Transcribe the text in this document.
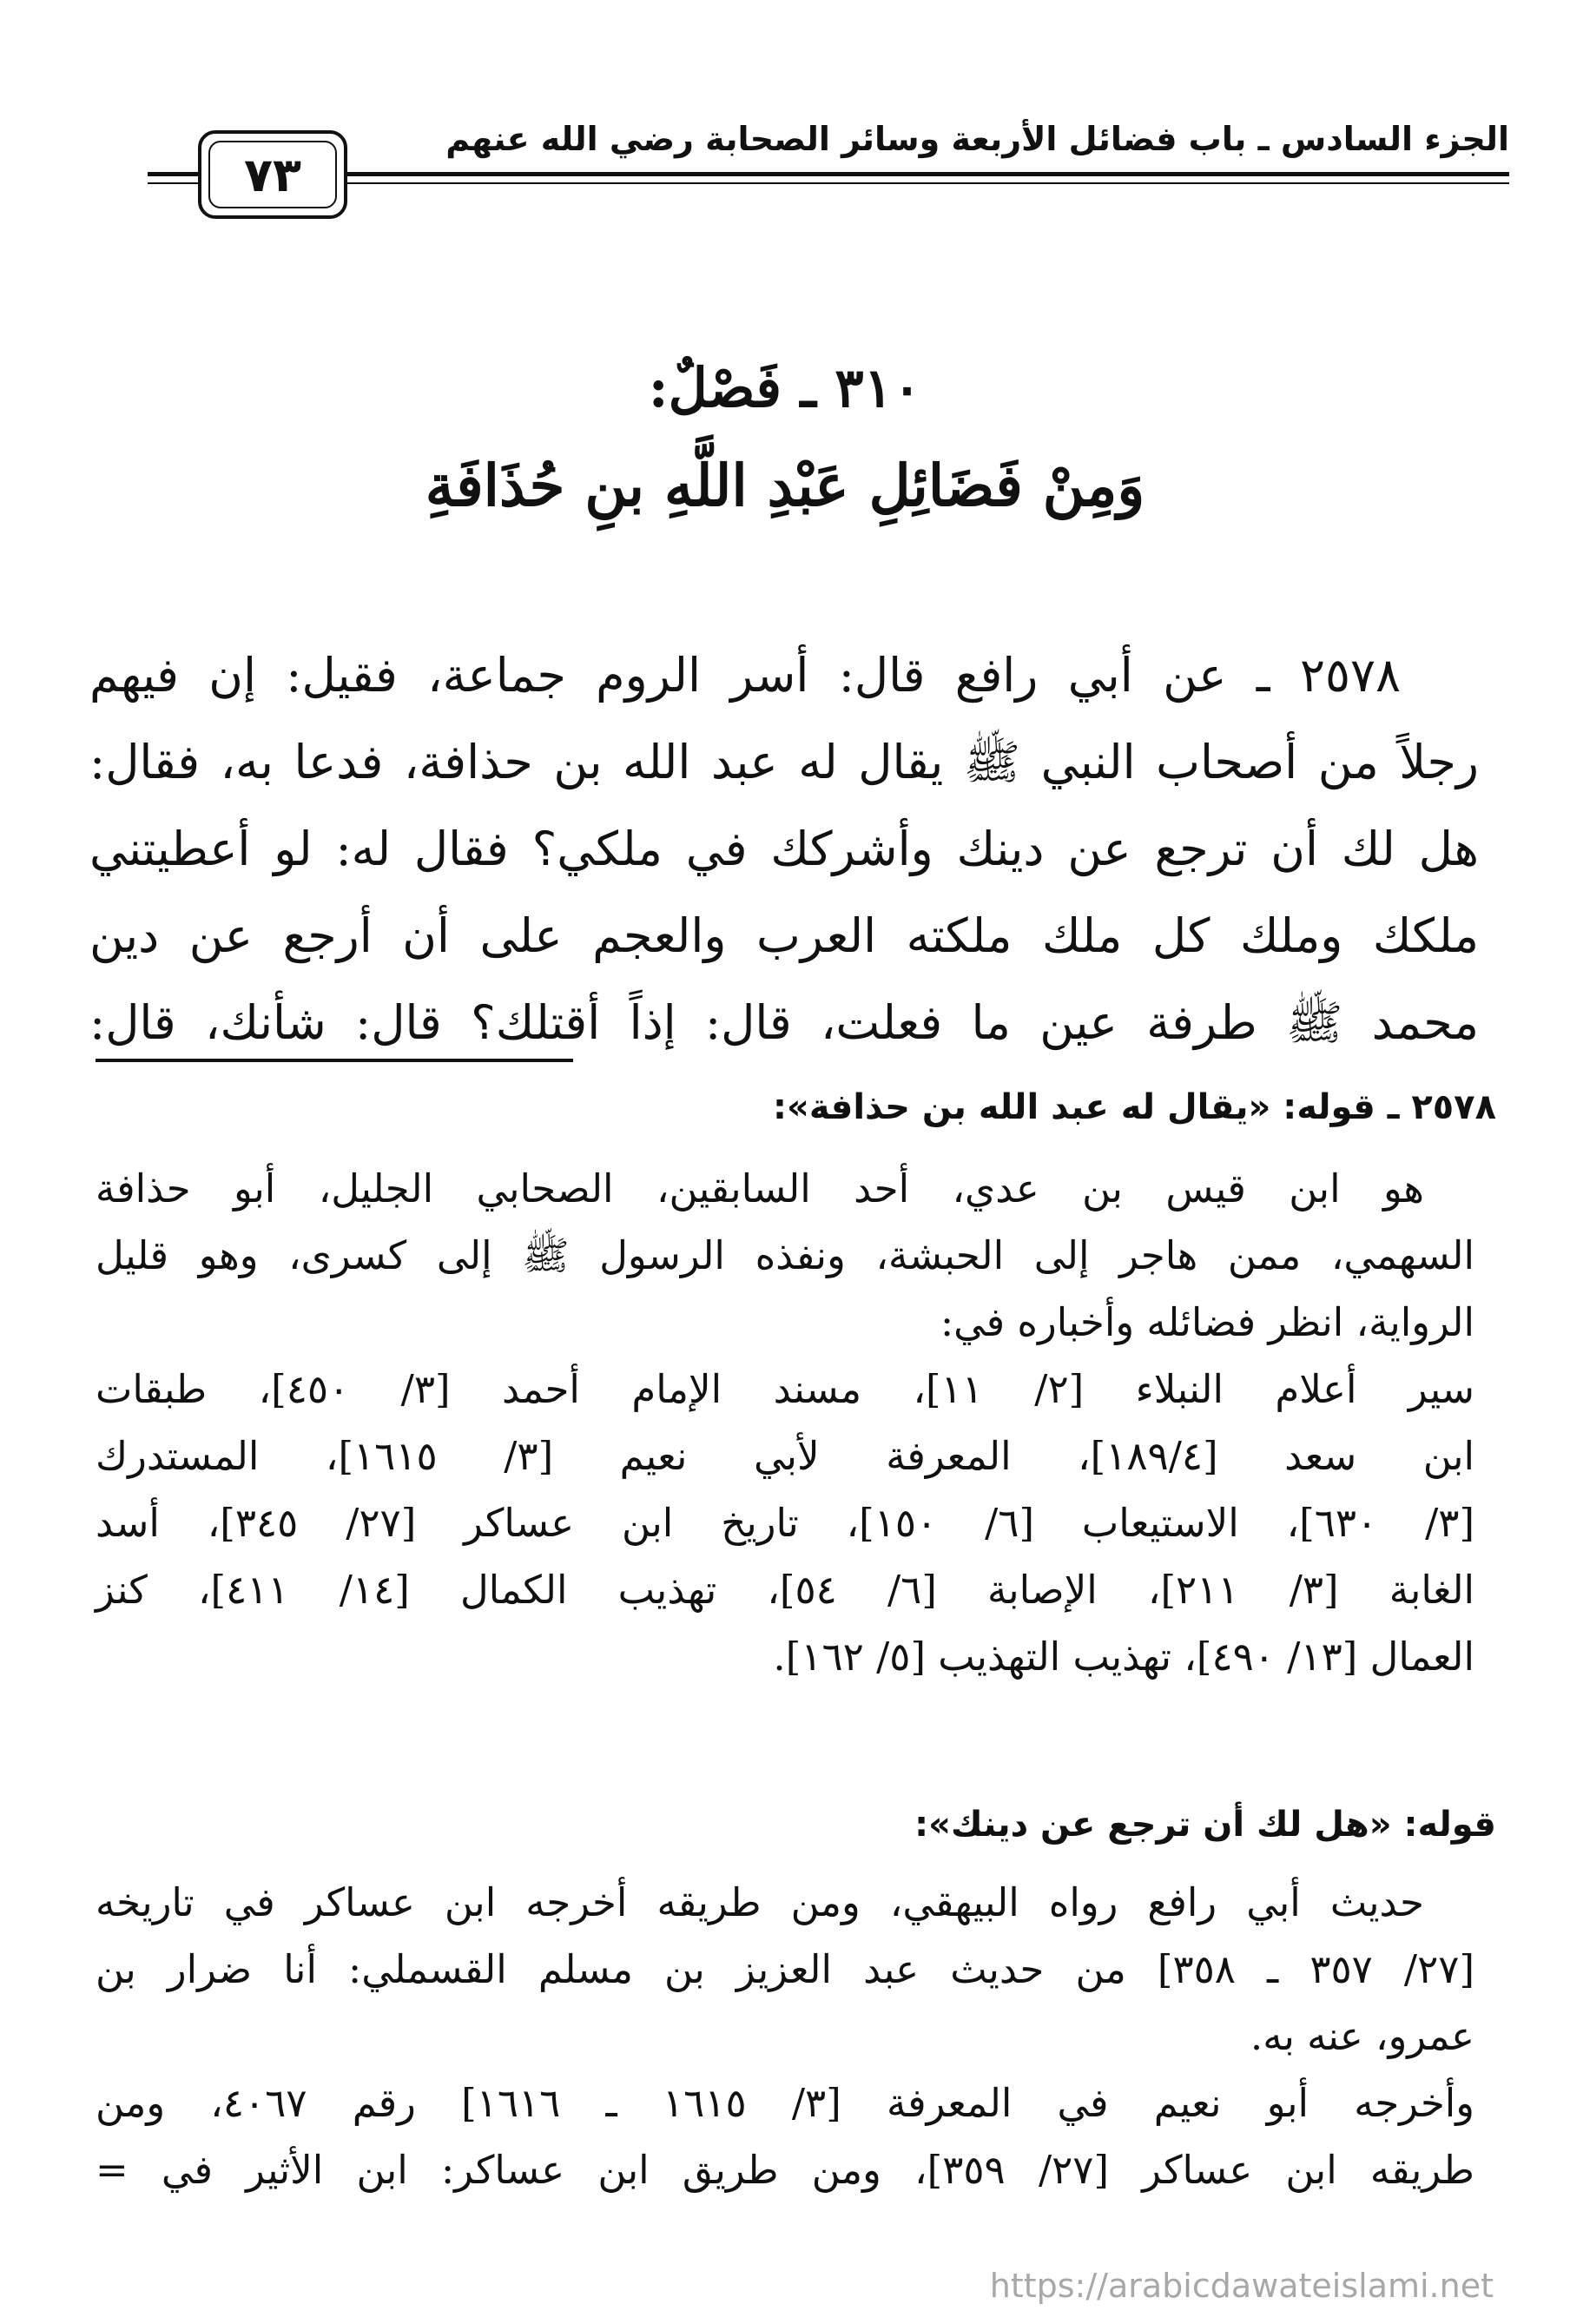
الجزء السادس ـ باب فضائل الأربعة وسائر الصحابة رضي الله عنهم
٧٣
٣١٠ ـ فَصْلٌ:
وَمِنْ فَضَائِلِ عَبْدِ اللَّهِ بنِ حُذَافَةِ
٢٥٧٨ ـ عن أبي رافع قال: أسر الروم جماعة، فقيل: إن فيهم
رجلاً من أصحاب النبي ﷺ يقال له عبد الله بن حذافة، فدعا به، فقال:
هل لك أن ترجع عن دينك وأشركك في ملكي؟ فقال له: لو أعطيتني
ملكك وملك كل ملك ملكته العرب والعجم على أن أرجع عن دين
محمد ﷺ طرفة عين ما فعلت، قال: إذاً أقتلك؟ قال: شأنك، قال:
٢٥٧٨ ـ قوله: «يقال له عبد الله بن حذافة»:
هو ابن قيس بن عدي، أحد السابقين، الصحابي الجليل، أبو حذافة
السهمي، ممن هاجر إلى الحبشة، ونفذه الرسول ﷺ إلى كسرى، وهو قليل
الرواية، انظر فضائله وأخباره في:
سير أعلام النبلاء [٢/ ١١]، مسند الإمام أحمد [٣/ ٤٥٠]، طبقات
ابن سعد [١٨٩/٤]، المعرفة لأبي نعيم [٣/ ١٦١٥]، المستدرك
[٣/ ٦٣٠]، الاستيعاب [٦/ ١٥٠]، تاريخ ابن عساكر [٢٧/ ٣٤٥]، أسد
الغابة [٣/ ٢١١]، الإصابة [٦/ ٥٤]، تهذيب الكمال [١٤/ ٤١١]، كنز
العمال [١٣/ ٤٩٠]، تهذيب التهذيب [٥/ ١٦٢].
قوله: «هل لك أن ترجع عن دينك»:
حديث أبي رافع رواه البيهقي، ومن طريقه أخرجه ابن عساكر في تاريخه
[٢٧/ ٣٥٧ ـ ٣٥٨] من حديث عبد العزيز بن مسلم القسملي: أنا ضرار بن
عمرو، عنه به.
وأخرجه أبو نعيم في المعرفة [٣/ ١٦١٥ ـ ١٦١٦] رقم ٤٠٦٧، ومن
طريقه ابن عساكر [٢٧/ ٣٥٩]، ومن طريق ابن عساكر: ابن الأثير في =
https://arabicdawateislami.net
